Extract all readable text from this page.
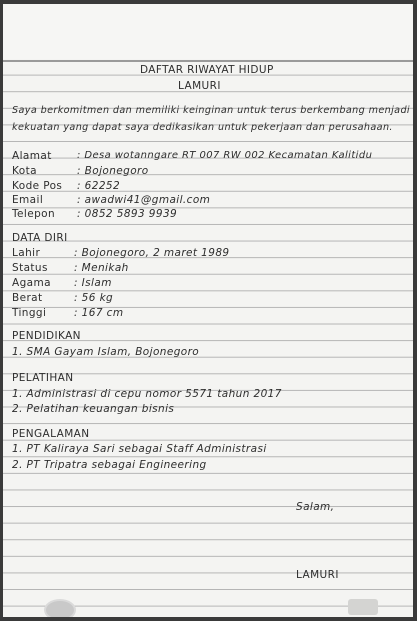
DAFTAR RIWAYAT HIDUP
LAMURI
Saya berkomitmen dan memiliki keinginan untuk terus berkembang menjadi
kekuatan yang dapat saya dedikasikan untuk pekerjaan dan perusahaan.
Alamat	: Desa wotanngare RT 007 RW 002 Kecamatan Kalitidu
Kota	: Bojonegoro
Kode Pos : 62252
Email	: awadwi41@gmail.com
Telepon : 0852 5893 9939
DATA DIRI
Lahir	: Bojonegoro, 2 maret 1989
Status : Menikah
Agama : Islam
Berat	: 56 kg
Tinggi	: 167 cm
PENDIDIKAN
1. SMA Gayam Islam, Bojonegoro
PELATIHAN
1. Administrasi di cepu nomor 5571 tahun 2017
2. Pelatihan keuangan bisnis
PENGALAMAN
1. PT Kaliraya Sari sebagai Staff Administrasi
2. PT Tripatra sebagai Engineering
Salam,
LAMURI
